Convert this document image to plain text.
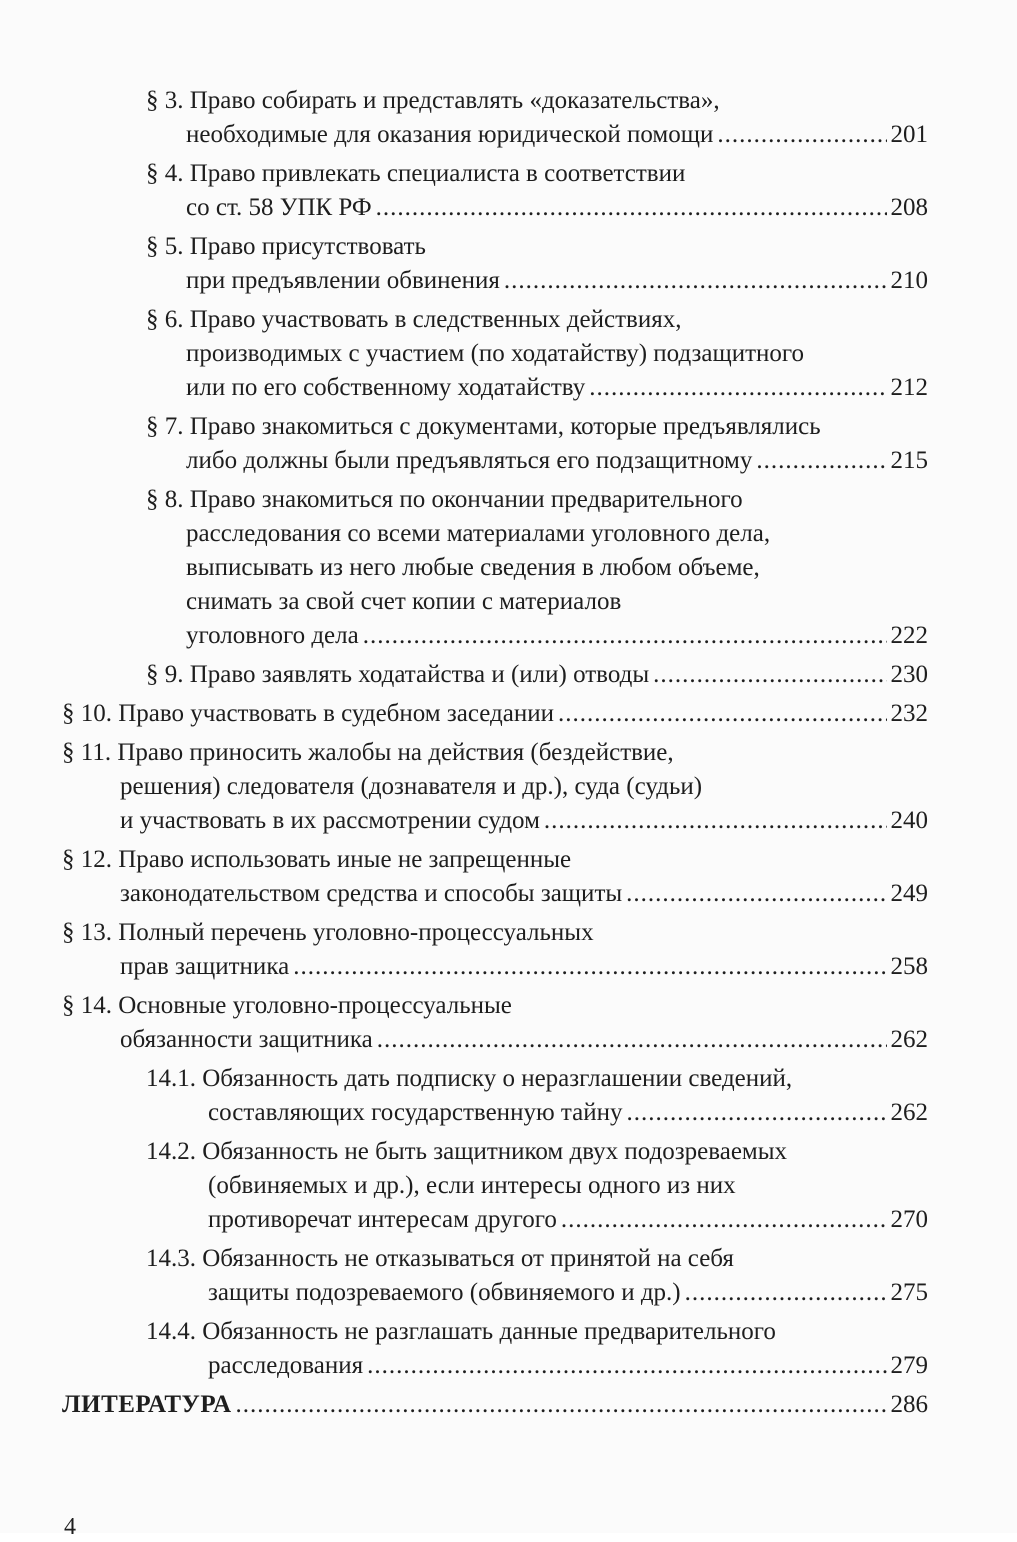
§ 3. Право собирать и представлять «доказательства»,
необходимые для оказания юридической помощи .....	201
§ 4. Право привлекать специалиста в соответствии
со ст. 58 УПК РФ .....	208
§ 5. Право присутствовать
при предъявлении обвинения .....	210
§ 6. Право участвовать в следственных действиях,
производимых с участием (по ходатайству) подзащитного
или по его собственному ходатайству .....	212
§ 7. Право знакомиться с документами, которые предъявлялись
либо должны были предъявляться его подзащитному .....	215
§ 8. Право знакомиться по окончании предварительного
расследования со всеми материалами уголовного дела,
выписывать из него любые сведения в любом объеме,
снимать за свой счет копии с материалов
уголовного дела .....	222
§ 9. Право заявлять ходатайства и (или) отводы .....	230
§ 10. Право участвовать в судебном заседании .....	232
§ 11. Право приносить жалобы на действия (бездействие,
решения) следователя (дознавателя и др.), суда (судьи)
и участвовать в их рассмотрении судом .....	240
§ 12. Право использовать иные не запрещенные
законодательством средства и способы защиты .....	249
§ 13. Полный перечень уголовно-процессуальных
прав защитника .....	258
§ 14. Основные уголовно-процессуальные
обязанности защитника .....	262
14.1. Обязанность дать подписку о неразглашении сведений,
составляющих государственную тайну .....	262
14.2. Обязанность не быть защитником двух подозреваемых
(обвиняемых и др.), если интересы одного из них
противоречат интересам другого .....	270
14.3. Обязанность не отказываться от принятой на себя
защиты подозреваемого (обвиняемого и др.) .....	275
14.4. Обязанность не разглашать данные предварительного
расследования .....	279
ЛИТЕРАТУРА .....	286
4
